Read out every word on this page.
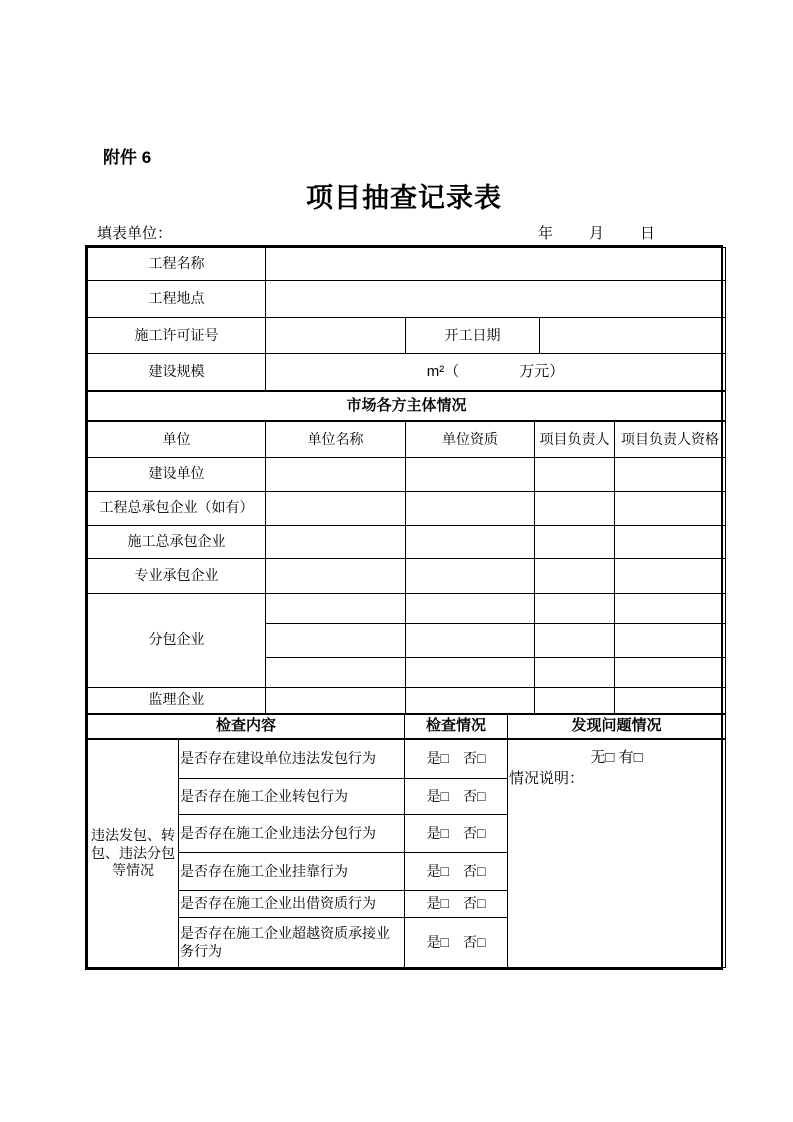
附件 6
项目抽查记录表
填表单位：	年　　月　　日
工程名称			
工程地点			
施工许可证号		开工日期	
建设规模	m²（　　　　万元）		
市场各方主体情况				
单位	单位名称	单位资质	项目负责人	项目负责人资格
建设单位				
工程总承包企业（如有）				
施工总承包企业				
专业承包企业				
分包企业				

监理企业				
检查内容		检查情况	发现问题情况
违法发包、转包、违法分包等情况	是否存在建设单位违法发包行为	是□　否□	无□ 有□
情况说明：

	是否存在施工企业转包行为	是□　否□	
	是否存在施工企业违法分包行为	是□　否□	
	是否存在施工企业挂靠行为	是□　否□	
	是否存在施工企业出借资质行为	是□　否□	
	是否存在施工企业超越资质承接业务行为	是□　否□	
